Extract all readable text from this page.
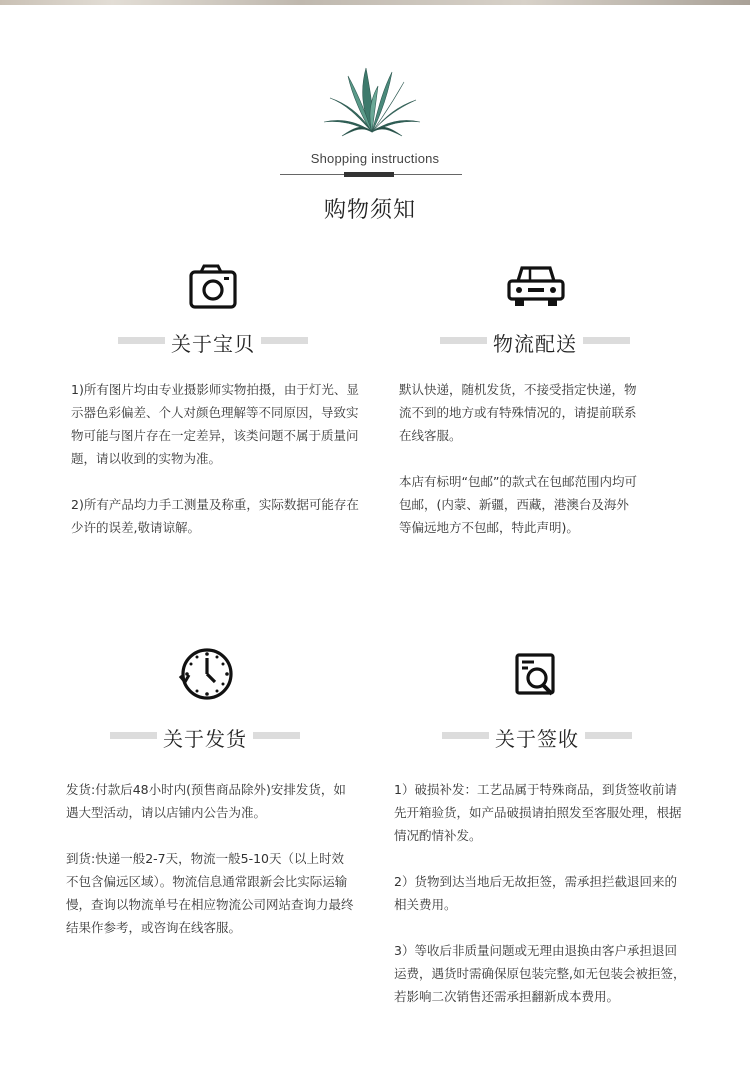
Shopping instructions
购物须知
关于宝贝

1)所有图片均由专业摄影师实物拍摄，由于灯光、显示器色彩偏差、个人对颜色理解等不同原因，导致实物可能与图片存在一定差异，该类问题不属于质量问题，请以收到的实物为准。

2)所有产品均力手工测量及称重，实际数据可能存在少许的误差,敬请谅解。

物流配送

默认快递，随机发货，不接受指定快递，物流不到的地方或有特殊情况的，请提前联系在线客服。

本店有标明“包邮”的款式在包邮范围内均可包邮，(内蒙、新疆，西藏，港澳台及海外等偏远地方不包邮，特此声明)。

关于发货

发货:付款后48小时内(预售商品除外)安排发货，如遇大型活动，请以店铺内公告为准。

到货:快递一般2-7天，物流一般5-10天（以上时效不包含偏远区域）。物流信息通常跟新会比实际运输慢，查询以物流单号在相应物流公司网站查询力最终结果作参考，或咨询在线客服。

关于签收

1）破损补发：工艺品属于特殊商品，到货签收前请先开箱验货，如产品破损请拍照发至客服处理，根据情况酌情补发。

2）货物到达当地后无故拒签，需承担拦截退回来的相关费用。

3）等收后非质量问题或无理由退换由客户承担退回运费，遇货时需确保原包装完整,如无包装会被拒签，若影响二次销售还需承担翻新成本费用。
